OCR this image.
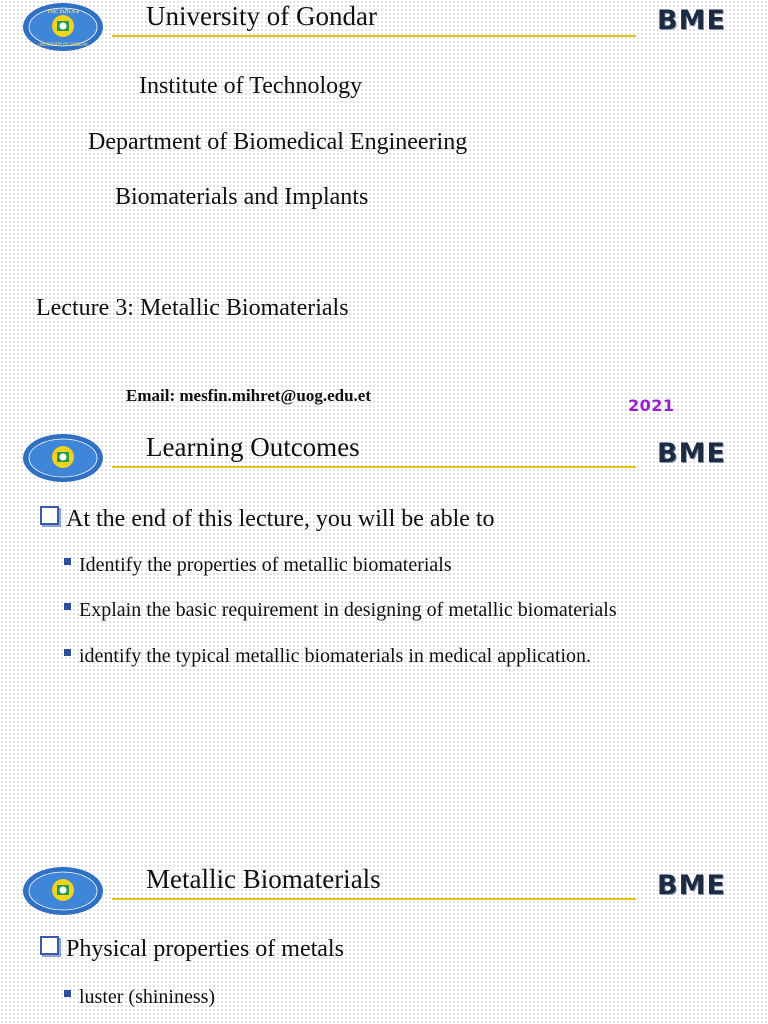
ጎንደር ዩኒቨርሲቲ
UNIVERSITY OF GONDAR
University of Gondar	BME
Institute of Technology
Department of Biomedical Engineering
Biomaterials and Implants
Lecture 3: Metallic Biomaterials
Email: mesfin.mihret@uog.edu.et
2021
Learning Outcomes	BME
At the end of this lecture, you will be able to
Identify the properties of metallic biomaterials
Explain the basic requirement in designing of metallic biomaterials
identify the typical metallic biomaterials in medical application.
Metallic Biomaterials	BME
Physical properties of metals
luster (shininess)
